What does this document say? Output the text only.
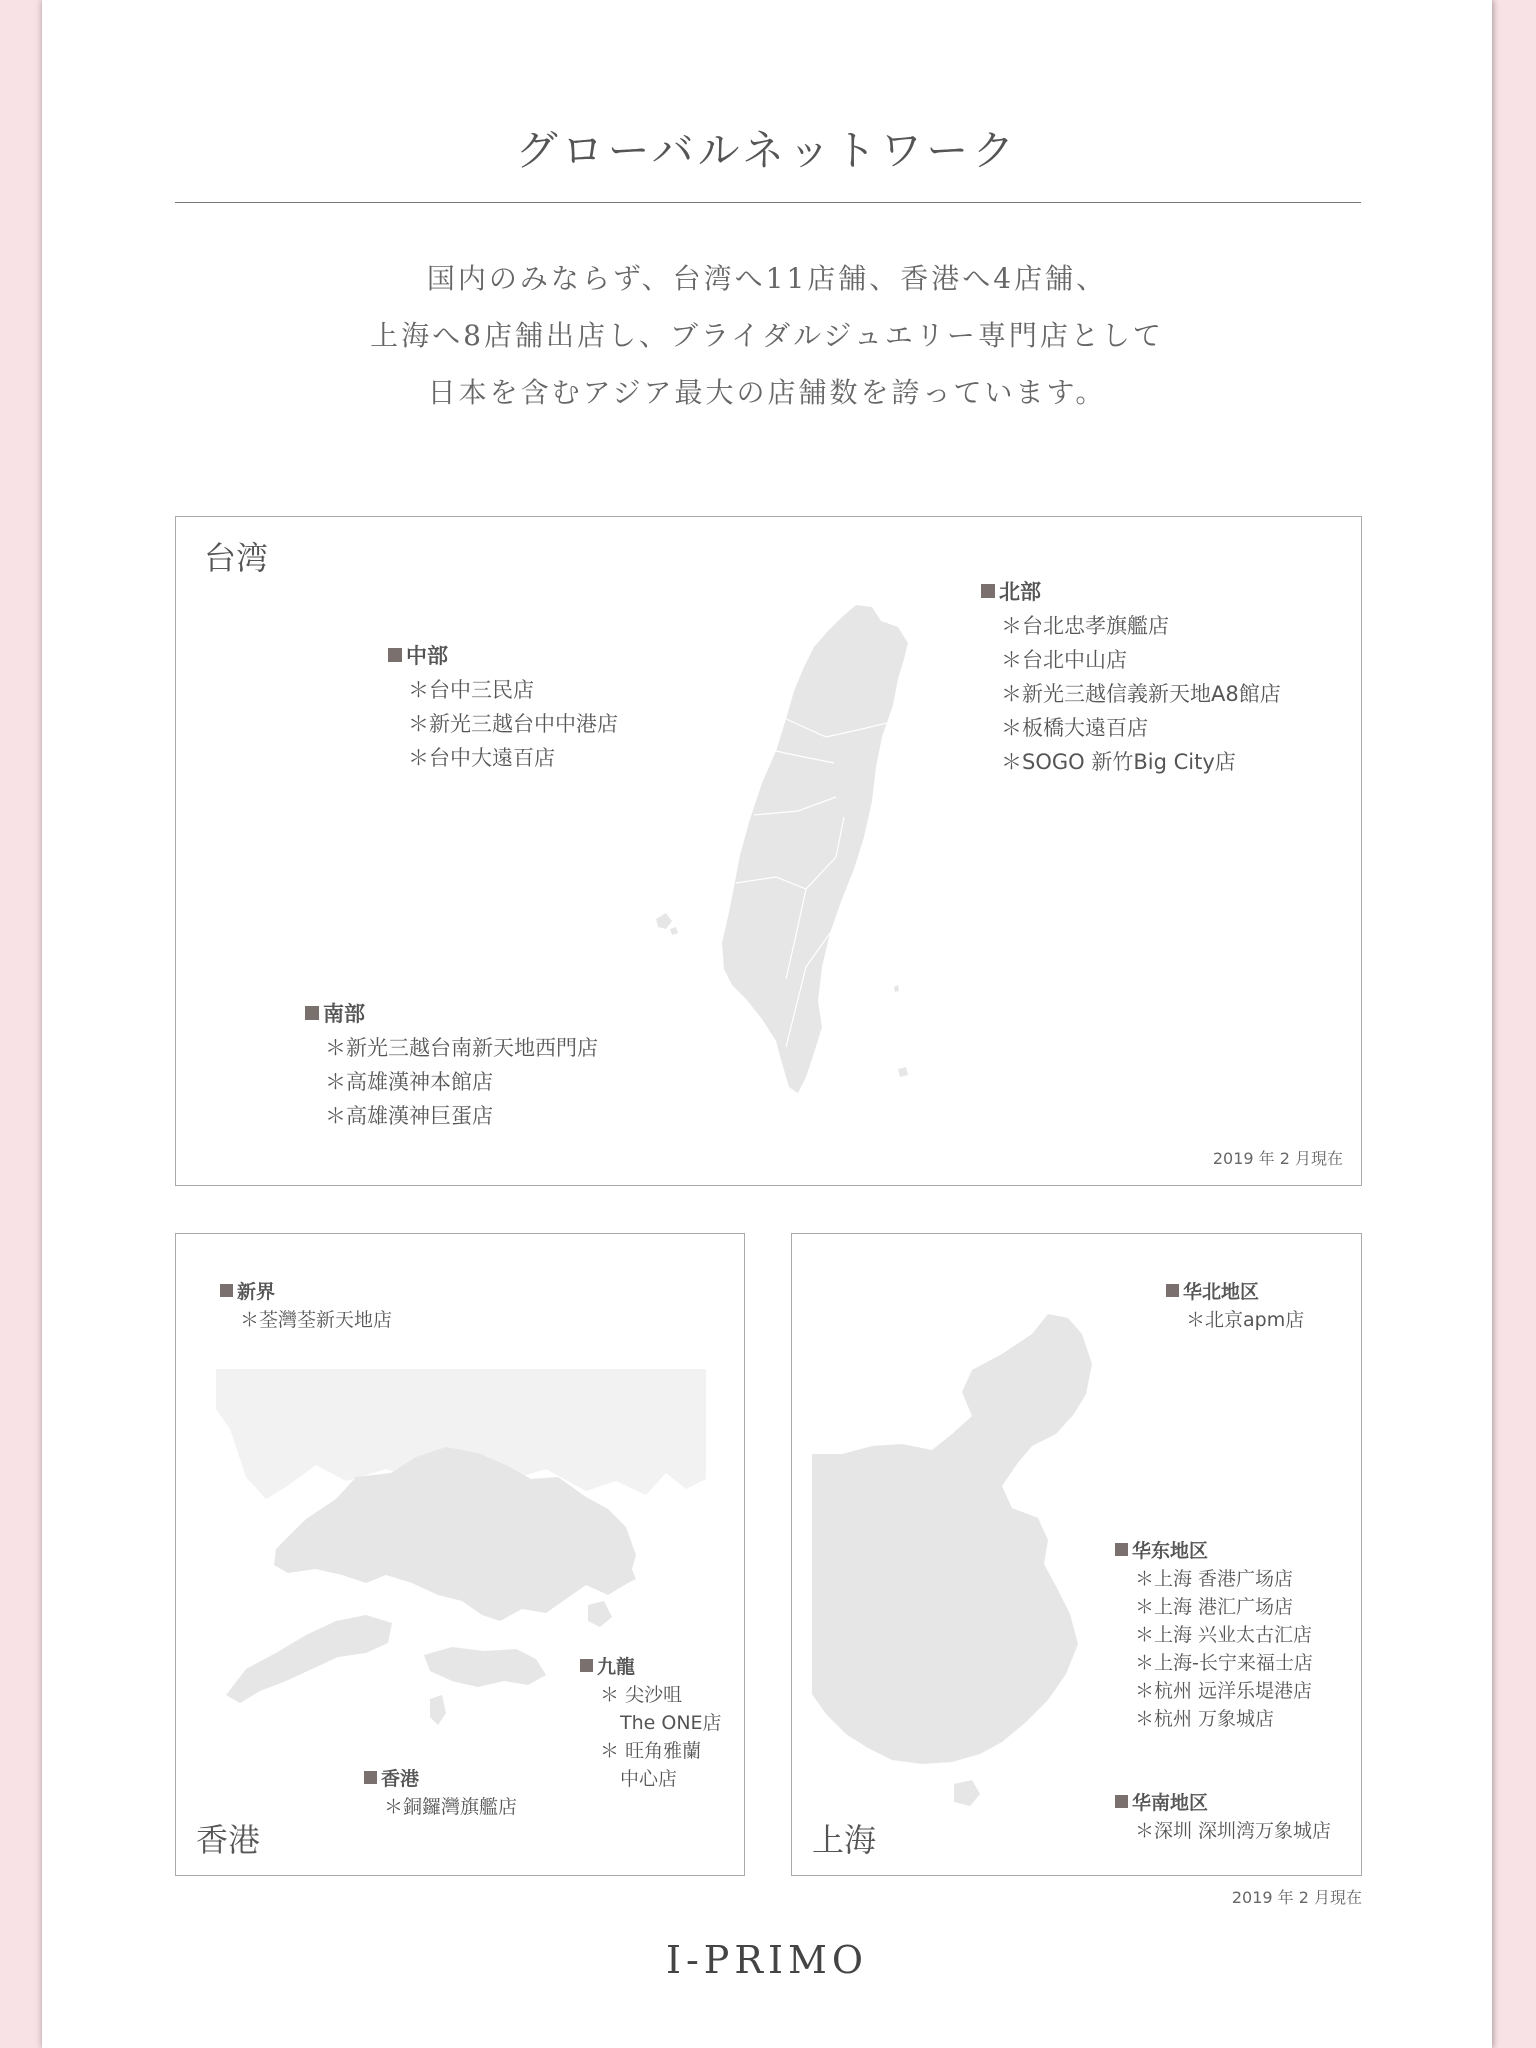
グローバルネットワーク
国内のみならず、台湾へ11店舗、香港へ4店舗、
上海へ8店舗出店し、ブライダルジュエリー専門店として
日本を含むアジア最大の店舗数を誇っています。
台湾
北部
＊ 台北忠孝旗艦店
＊ 台北中山店
＊ 新光三越信義新天地A8館店
＊ 板橋大遠百店
＊ SOGO 新竹Big City店
中部
＊ 台中三民店
＊ 新光三越台中中港店
＊ 台中大遠百店
南部
＊ 新光三越台南新天地西門店
＊ 高雄漢神本館店
＊ 高雄漢神巨蛋店
2019 年 2 月現在
新界
＊ 荃灣荃新天地店
九龍
＊ 尖沙咀
The ONE店
＊ 旺角雅蘭
中心店
香港
＊ 銅鑼灣旗艦店
香港
华北地区
＊ 北京apm店
华东地区
＊ 上海 香港广场店
＊ 上海 港汇广场店
＊ 上海 兴业太古汇店
＊ 上海-长宁来福士店
＊ 杭州 远洋乐堤港店
＊ 杭州 万象城店
华南地区
＊ 深圳 深圳湾万象城店
上海
2019 年 2 月現在
I-PRIMO
